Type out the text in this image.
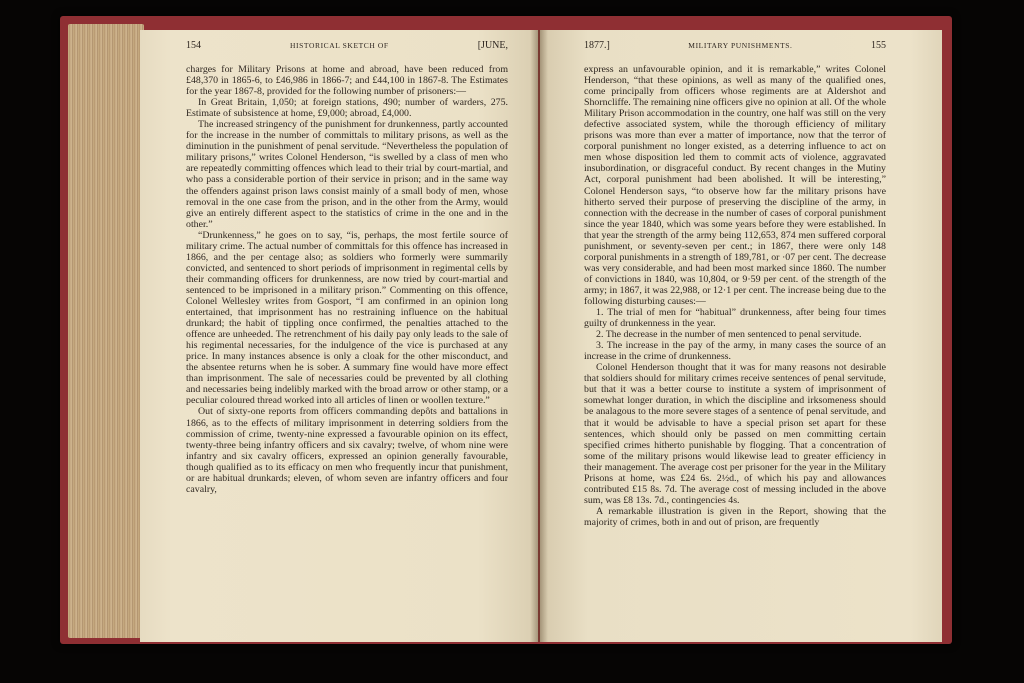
154	HISTORICAL SKETCH OF	[JUNE,

charges for Military Prisons at home and abroad, have been reduced from £48,370 in 1865-6, to £46,986 in 1866-7; and £44,100 in 1867-8. The Estimates for the year 1867-8, provided for the following number of prisoners:—

In Great Britain, 1,050; at foreign stations, 490; number of warders, 275. Estimate of subsistence at home, £9,000; abroad, £4,000.

The increased stringency of the punishment for drunkenness, partly accounted for the increase in the number of committals to military prisons, as well as the diminution in the punishment of penal servitude. “Nevertheless the population of military prisons,” writes Colonel Henderson, “is swelled by a class of men who are repeatedly committing offences which lead to their trial by court-martial, and who pass a considerable portion of their service in prison; and in the same way the offenders against prison laws consist mainly of a small body of men, whose removal in the one case from the prison, and in the other from the Army, would give an entirely different aspect to the statistics of crime in the one and in the other.”

“Drunkenness,” he goes on to say, “is, perhaps, the most fertile source of military crime. The actual number of committals for this offence has increased in 1866, and the per centage also; as soldiers who formerly were summarily convicted, and sentenced to short periods of imprisonment in regimental cells by their commanding officers for drunkenness, are now tried by court-martial and sentenced to be imprisoned in a military prison.” Commenting on this offence, Colonel Wellesley writes from Gosport, “I am confirmed in an opinion long entertained, that imprisonment has no restraining influence on the habitual drunkard; the habit of tippling once confirmed, the penalties attached to the offence are unheeded. The retrenchment of his daily pay only leads to the sale of his regimental necessaries, for the indulgence of the vice is purchased at any price. In many instances absence is only a cloak for the other misconduct, and the absentee returns when he is sober. A summary fine would have more effect than imprisonment. The sale of necessaries could be prevented by all clothing and necessaries being indelibly marked with the broad arrow or other stamp, or a peculiar coloured thread worked into all articles of linen or woollen texture.”

Out of sixty-one reports from officers commanding depôts and battalions in 1866, as to the effects of military imprisonment in deterring soldiers from the commission of crime, twenty-nine expressed a favourable opinion on its effect, twenty-three being infantry officers and six cavalry; twelve, of whom nine were infantry and six cavalry officers, expressed an opinion generally favourable, though qualified as to its efficacy on men who frequently incur that punishment, or are habitual drunkards; eleven, of whom seven are infantry officers and four cavalry,

1877.]	MILITARY PUNISHMENTS.	155

express an unfavourable opinion, and it is remarkable,” writes Colonel Henderson, “that these opinions, as well as many of the qualified ones, come principally from officers whose regiments are at Aldershot and Shorncliffe. The remaining nine officers give no opinion at all. Of the whole Military Prison accommodation in the country, one half was still on the very defective associated system, while the thorough efficiency of military prisons was more than ever a matter of importance, now that the terror of corporal punishment no longer existed, as a deterring influence to act on men whose disposition led them to commit acts of violence, aggravated insubordination, or disgraceful conduct. By recent changes in the Mutiny Act, corporal punishment had been abolished. It will be interesting,” Colonel Henderson says, “to observe how far the military prisons have hitherto served their purpose of preserving the discipline of the army, in connection with the decrease in the number of cases of corporal punishment since the year 1840, which was some years before they were established. In that year the strength of the army being 112,653, 874 men suffered corporal punishment, or seventy-seven per cent.; in 1867, there were only 148 corporal punishments in a strength of 189,781, or ·07 per cent. The decrease was very considerable, and had been most marked since 1860. The number of convictions in 1840, was 10,804, or 9·59 per cent. of the strength of the army; in 1867, it was 22,988, or 12·1 per cent. The increase being due to the following disturbing causes:—

1. The trial of men for “habitual” drunkenness, after being four times guilty of drunkenness in the year.

2. The decrease in the number of men sentenced to penal servitude.

3. The increase in the pay of the army, in many cases the source of an increase in the crime of drunkenness.

Colonel Henderson thought that it was for many reasons not desirable that soldiers should for military crimes receive sentences of penal servitude, but that it was a better course to institute a system of imprisonment of somewhat longer duration, in which the discipline and irksomeness should be analagous to the more severe stages of a sentence of penal servitude, and that it would be advisable to have a special prison set apart for these sentences, which should only be passed on men committing certain specified crimes hitherto punishable by flogging. That a concentration of some of the military prisons would likewise lead to greater efficiency in their management. The average cost per prisoner for the year in the Military Prisons at home, was £24 6s. 2½d., of which his pay and allowances contributed £15 8s. 7d. The average cost of messing included in the above sum, was £8 13s. 7d., contingencies 4s.

A remarkable illustration is given in the Report, showing that the majority of crimes, both in and out of prison, are frequently
